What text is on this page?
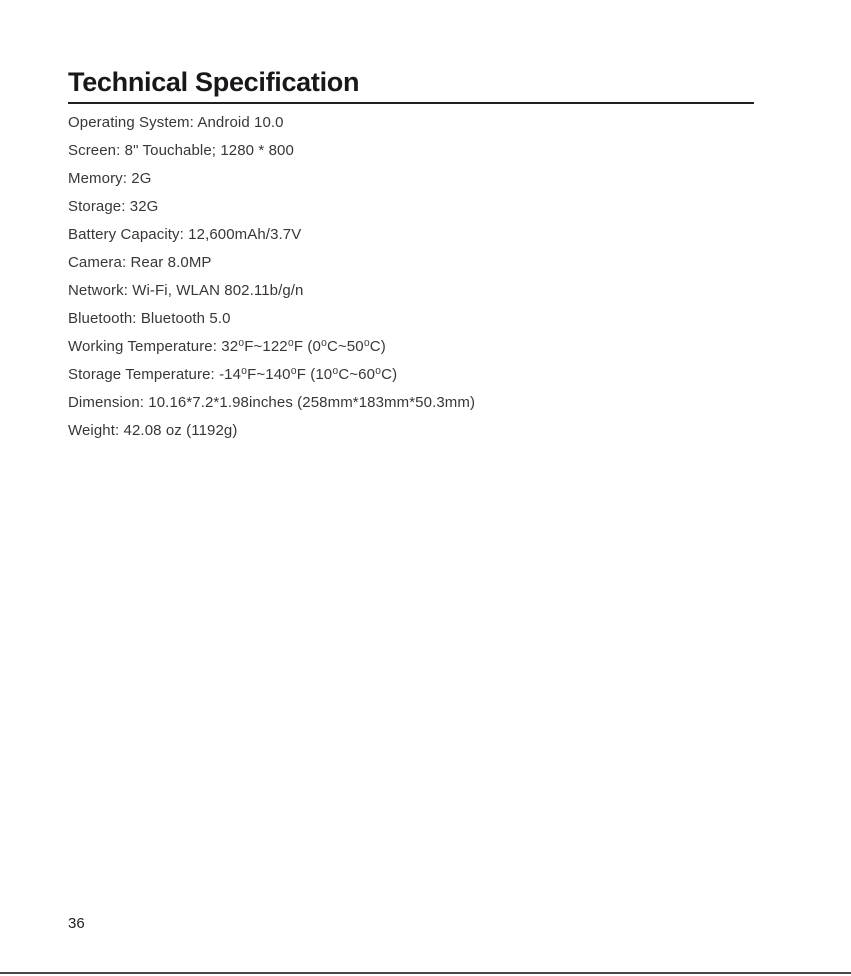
Technical Specification
Operating System: Android 10.0
Screen: 8" Touchable; 1280 * 800
Memory: 2G
Storage: 32G
Battery Capacity: 12,600mAh/3.7V
Camera: Rear 8.0MP
Network: Wi-Fi, WLAN 802.11b/g/n
Bluetooth: Bluetooth 5.0
Working Temperature: 32⁰F~122⁰F (0⁰C~50⁰C)
Storage Temperature: -14⁰F~140⁰F (10⁰C~60⁰C)
Dimension: 10.16*7.2*1.98inches (258mm*183mm*50.3mm)
Weight: 42.08 oz (1192g)
36
